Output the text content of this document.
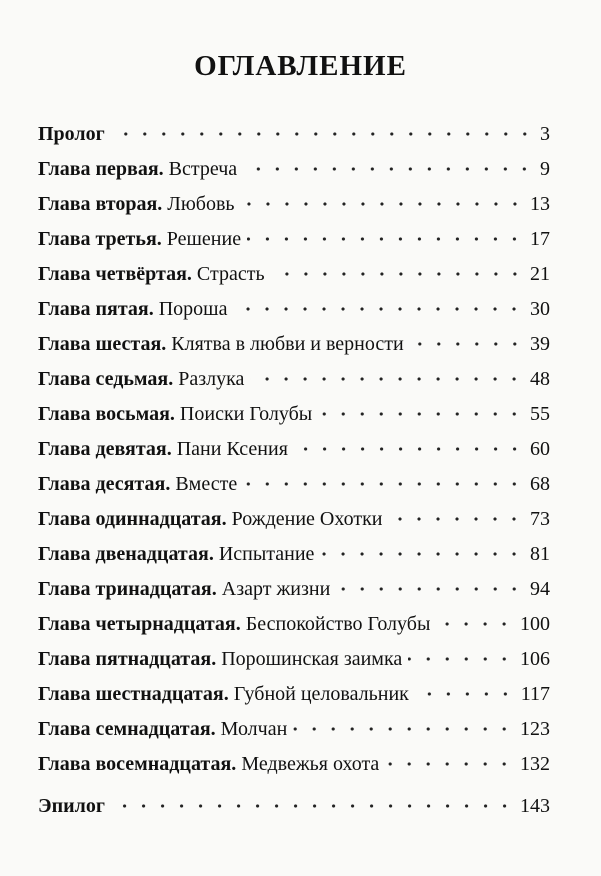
ОГЛАВЛЕНИЕ
Пролог	3
Глава первая. Встреча	9
Глава вторая. Любовь	13
Глава третья. Решение	17
Глава четвёртая. Страсть	21
Глава пятая. Пороша	30
Глава шестая. Клятва в любви и верности	39
Глава седьмая. Разлука	48
Глава восьмая. Поиски Голубы	55
Глава девятая. Пани Ксения	60
Глава десятая. Вместе	68
Глава одиннадцатая. Рождение Охотки	73
Глава двенадцатая. Испытание	81
Глава тринадцатая. Азарт жизни	94
Глава четырнадцатая. Беспокойство Голубы	100
Глава пятнадцатая. Порошинская заимка	106
Глава шестнадцатая. Губной целовальник	117
Глава семнадцатая. Молчан	123
Глава восемнадцатая. Медвежья охота	132
Эпилог	143
